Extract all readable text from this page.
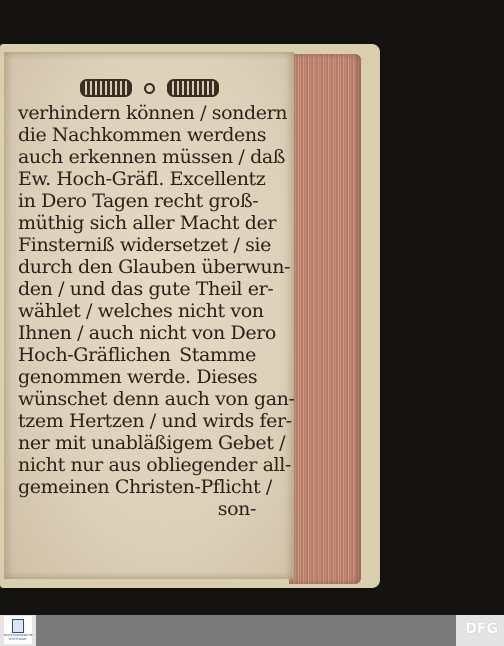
verhindern können / sondern
die Nachkommen werdens
auch erkennen müssen / daß
Ew. Hoch-Gräfl. Excellentz
in Dero Tagen recht groß-
müthig sich aller Macht der
Finsterniß widersetzet / sie
durch den Glauben überwun-
den / und das gute Theil er-
wählet / welches nicht von
Ihnen / auch nicht von Dero
Hoch-Gräflichen Stamme
genommen werde. Dieses
wünschet denn auch von gan-
tzem Hertzen / und wirds fer-
ner mit unabläßigem Gebet /
nicht nur aus obliegender all-
gemeinen Christen-Pflicht /
son-
TRADITIONSKIRCHE STUTTGART
DFG
